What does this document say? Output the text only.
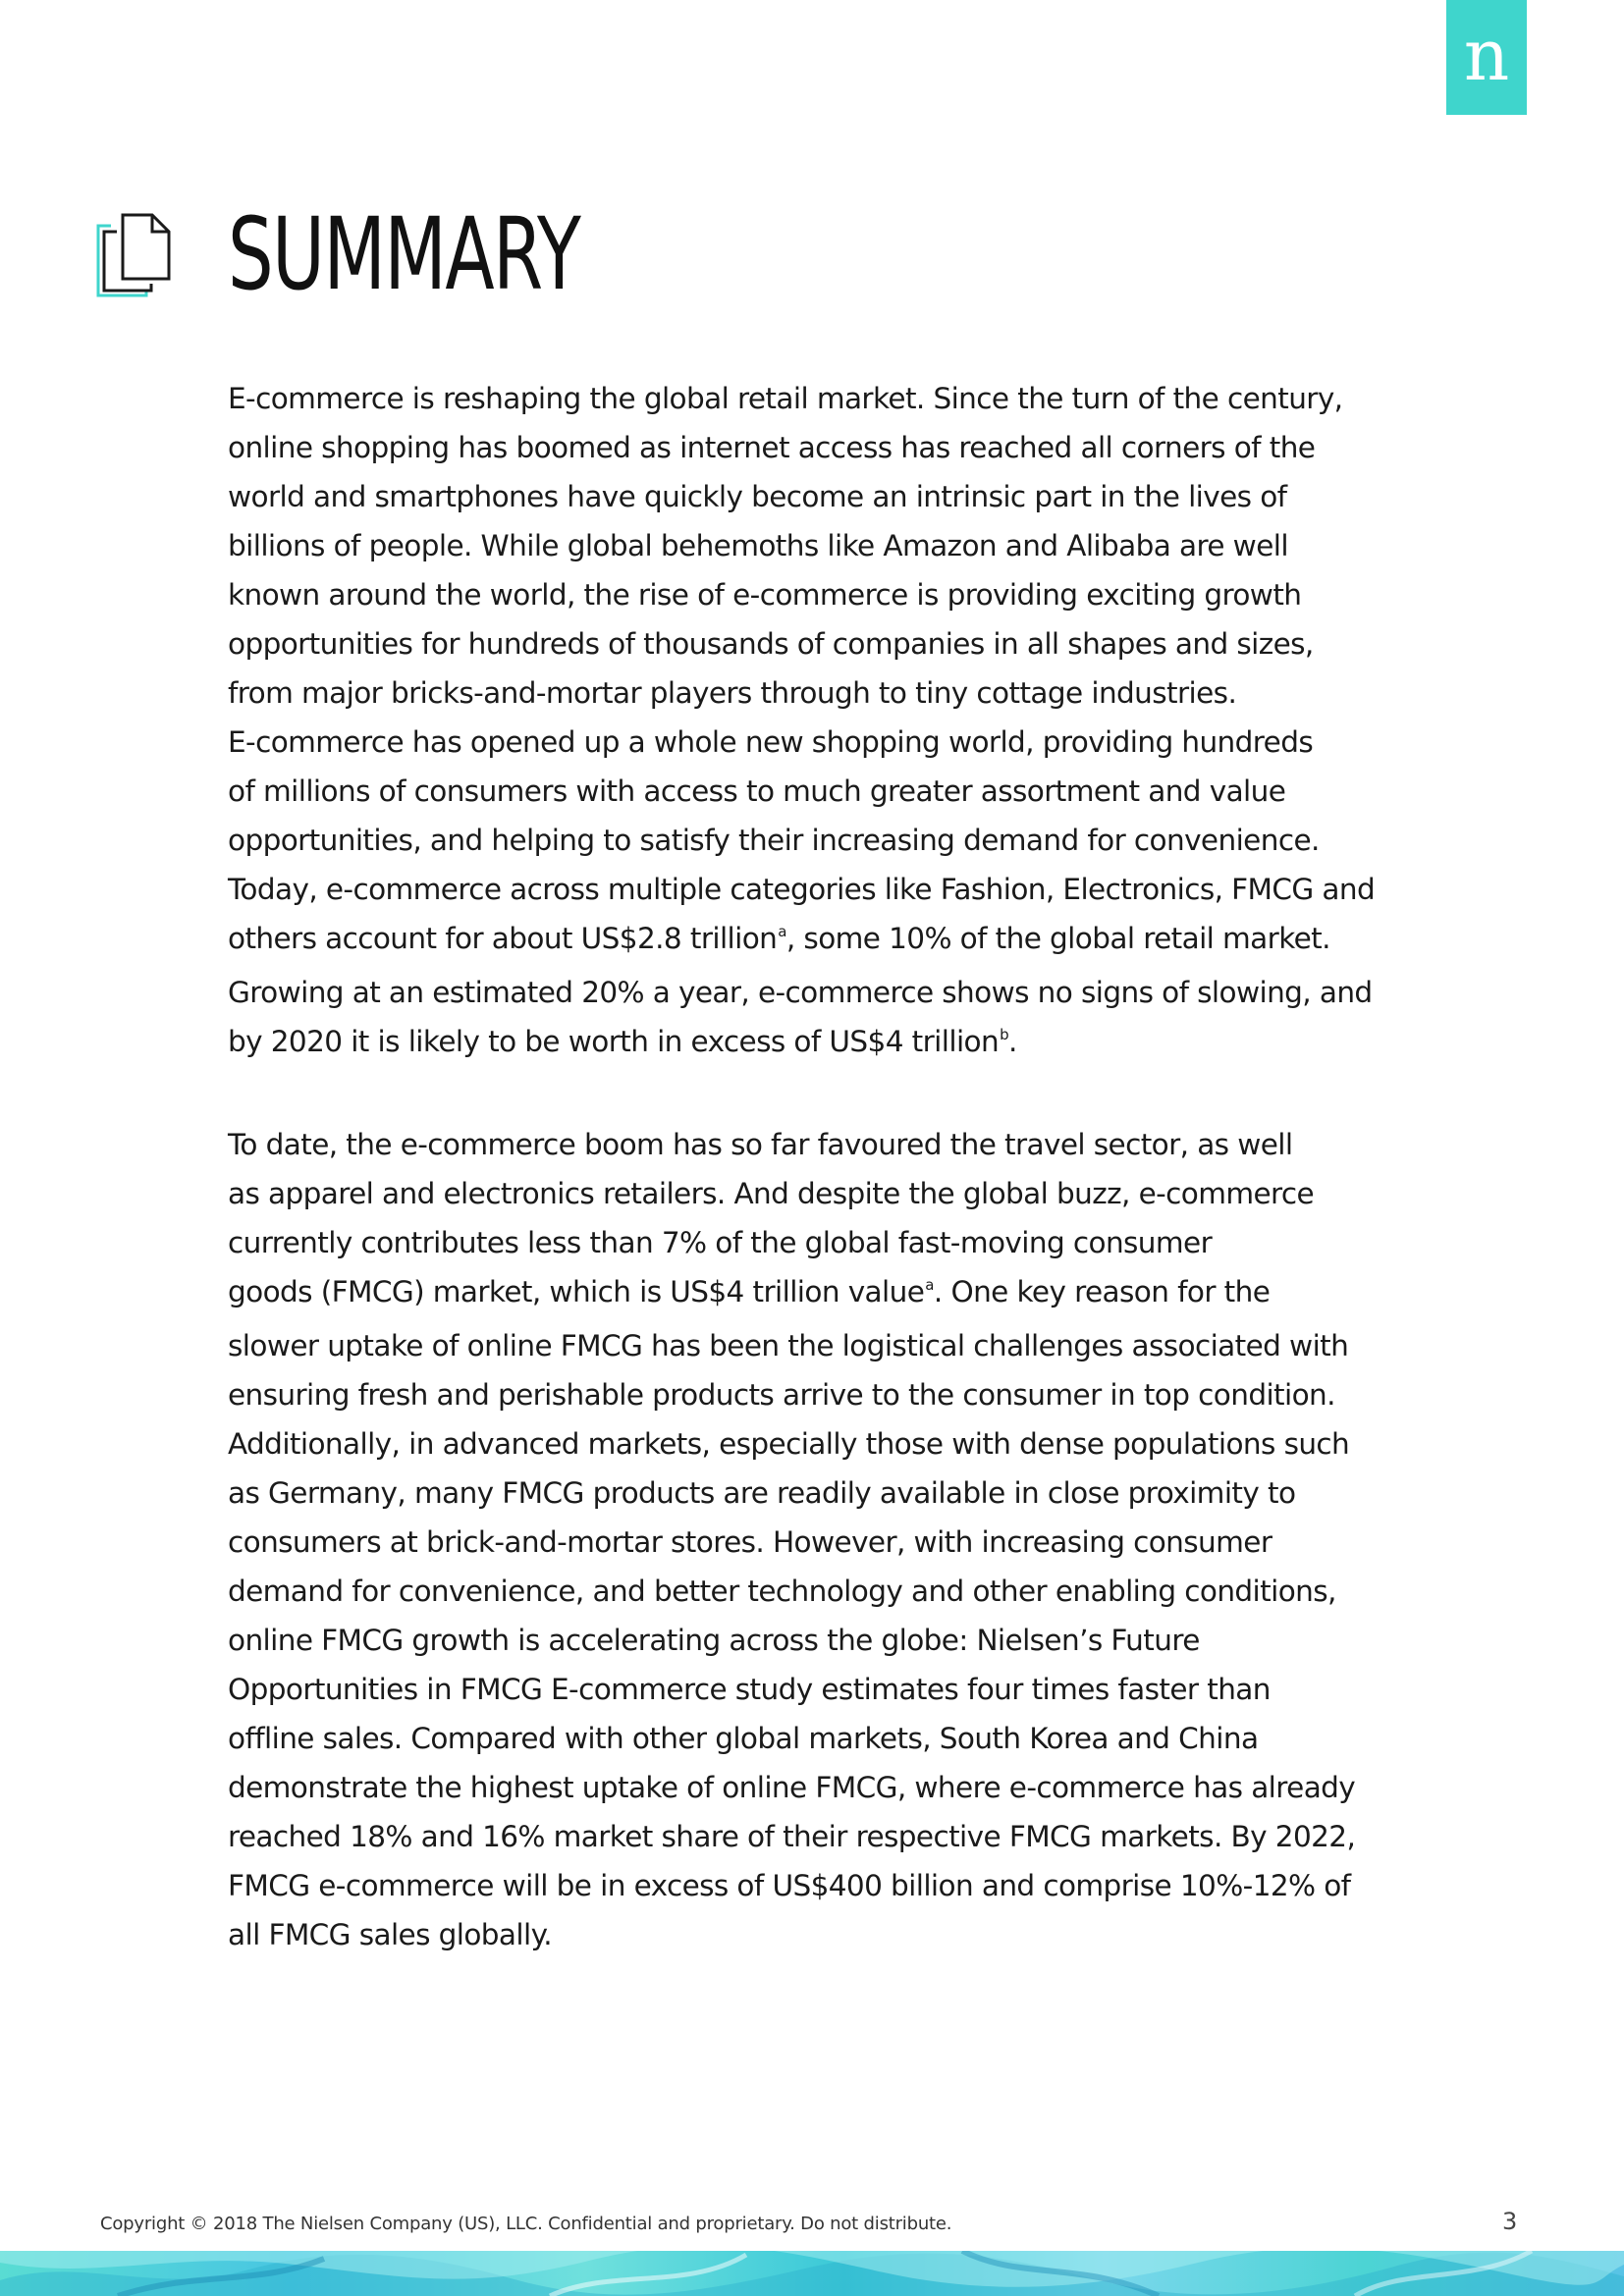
n
SUMMARY

E-commerce is reshaping the global retail market. Since the turn of the century,
online shopping has boomed as internet access has reached all corners of the
world and smartphones have quickly become an intrinsic part in the lives of
billions of people. While global behemoths like Amazon and Alibaba are well
known around the world, the rise of e-commerce is providing exciting growth
opportunities for hundreds of thousands of companies in all shapes and sizes,
from major bricks-and-mortar players through to tiny cottage industries.
E-commerce has opened up a whole new shopping world, providing hundreds
of millions of consumers with access to much greater assortment and value
opportunities, and helping to satisfy their increasing demand for convenience.
Today, e-commerce across multiple categories like Fashion, Electronics, FMCG and
others account for about US$2.8 trillion$^a$, some 10% of the global retail market.
Growing at an estimated 20% a year, e-commerce shows no signs of slowing, and
by 2020 it is likely to be worth in excess of US$4 trillion$^b$.

To date, the e-commerce boom has so far favoured the travel sector, as well
as apparel and electronics retailers. And despite the global buzz, e-commerce
currently contributes less than 7% of the global fast-moving consumer
goods (FMCG) market, which is US$4 trillion value$^a$. One key reason for the
slower uptake of online FMCG has been the logistical challenges associated with
ensuring fresh and perishable products arrive to the consumer in top condition.
Additionally, in advanced markets, especially those with dense populations such
as Germany, many FMCG products are readily available in close proximity to
consumers at brick-and-mortar stores. However, with increasing consumer
demand for convenience, and better technology and other enabling conditions,
online FMCG growth is accelerating across the globe: Nielsen’s Future
Opportunities in FMCG E-commerce study estimates four times faster than
offline sales. Compared with other global markets, South Korea and China
demonstrate the highest uptake of online FMCG, where e-commerce has already
reached 18% and 16% market share of their respective FMCG markets. By 2022,
FMCG e-commerce will be in excess of US$400 billion and comprise 10%-12% of
all FMCG sales globally.

Copyright © 2018 The Nielsen Company (US), LLC. Confidential and proprietary. Do not distribute.	3
